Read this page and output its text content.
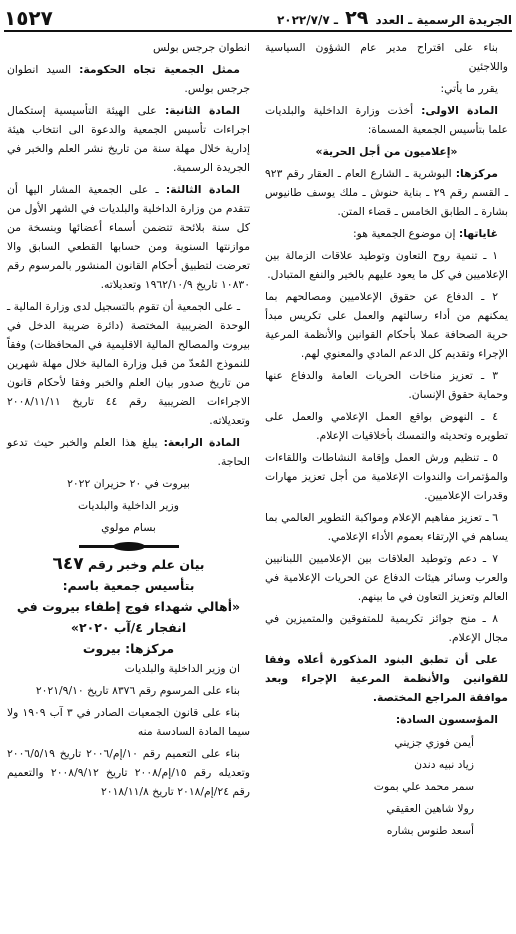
الجريدة الرسمية ـ العدد ٢٩ ـ ٢٠٢٢/٧/٧
١٥٢٧

بناء على اقتراح مدير عام الشؤون السياسية واللاجئين

يقرر ما يأتي:

المادة الاولى: أخذت وزارة الداخلية والبلديات علما بتأسيس الجمعية المسماة:

«إعلاميون من أجل الحرية»

مركزها: البوشرية ـ الشارع العام ـ العقار رقم ٩٢٣ ـ القسم رقم ٢٩ ـ بناية حنوش ـ ملك يوسف طانيوس بشارة ـ الطابق الخامس ـ قضاء المتن.

غاياتها: إن موضوع الجمعية هو:

١ ـ تنمية روح التعاون وتوطيد علاقات الزمالة بين الإعلاميين في كل ما يعود عليهم بالخير والنفع المتبادل.

٢ ـ الدفاع عن حقوق الإعلاميين ومصالحهم بما يمكنهم من أداء رسالتهم والعمل على تكريس مبدأ حرية الصحافة عملا بأحكام القوانين والأنظمة المرعية الإجراء وتقديم كل الدعم المادي والمعنوي لهم.

٣ ـ تعزيز مناخات الحريات العامة والدفاع عنها وحماية حقوق الإنسان.

٤ ـ النهوض بواقع العمل الإعلامي والعمل على تطويره وتحديثه والتمسك بأخلاقيات الإعلام.

٥ ـ تنظيم ورش العمل وإقامة النشاطات واللقاءات والمؤتمرات والندوات الإعلامية من أجل تعزيز مهارات وقدرات الإعلاميين.

٦ ـ تعزيز مفاهيم الإعلام ومواكبة التطوير العالمي بما يساهم في الإرتقاء بعموم الأداء الإعلامي.

٧ ـ دعم وتوطيد العلاقات بين الإعلاميين اللبنانيين والعرب وسائر هيئات الدفاع عن الحريات الإعلامية في العالم وتعزيز التعاون في ما بينهم.

٨ ـ منح جوائز تكريمية للمتفوقين والمتميزين في مجال الإعلام.

على أن تطبق البنود المذكورة أعلاه وفقا للقوانين والأنظمة المرعية الإجراء وبعد موافقة المراجع المختصة.

المؤسسون السادة:

أيمن فوزي جزيني
زياد نبيه دندن
سمر محمد علي بموت
رولا شاهين العقيقي
أسعد طنوس بشاره

انطوان جرجس بولس

ممثل الجمعية تجاه الحكومة: السيد انطوان جرجس بولس.

المادة الثانية: على الهيئة التأسيسية إستكمال اجراءات تأسيس الجمعية والدعوة الى انتخاب هيئة إدارية خلال مهلة سنة من تاريخ نشر العلم والخبر في الجريدة الرسمية.

المادة الثالثة: ـ على الجمعية المشار اليها أن تتقدم من وزارة الداخلية والبلديات في الشهر الأول من كل سنة بلائحة تتضمن أسماء أعضائها وبنسخة من موازنتها السنوية ومن حسابها القطعي السابق والا تعرضت لتطبيق أحكام القانون المنشور بالمرسوم رقم ١٠٨٣٠ تاريخ ١٩٦٢/١٠/٩ وتعديلاته.

ـ على الجمعية أن تقوم بالتسجيل لدى وزارة المالية ـ الوحدة الضريبية المختصة (دائرة ضريبة الدخل في بيروت والمصالح المالية الاقليمية في المحافظات) وفقاً للنموذج المُعدّ من قبل وزارة المالية خلال مهلة شهرين من تاريخ صدور بيان العلم والخبر وفقا لأحكام قانون الاجراءات الضريبية رقم ٤٤ تاريخ ٢٠٠٨/١١/١١ وتعديلاته.

المادة الرابعة: يبلغ هذا العلم والخبر حيث تدعو الحاجة.

بيروت في ٢٠ حزيران ٢٠٢٢

وزير الداخلية والبلديات

بسام مولوي

بيان علم وخبر رقم ٦٤٧
بتأسيس جمعية باسم:
«أهالي شهداء فوج إطفاء بيروت في انفجار ٤/آب ٢٠٢٠»
مركزها: بيروت

ان وزير الداخلية والبلديات

بناء على المرسوم رقم ٨٣٧٦ تاريخ ٢٠٢١/٩/١٠

بناء على قانون الجمعيات الصادر في ٣ آب ١٩٠٩ ولا سيما المادة السادسة منه

بناء على التعميم رقم ١٠/إم/٢٠٠٦ تاريخ ٢٠٠٦/٥/١٩ وتعديله رقم ١٥/إم/٢٠٠٨ تاريخ ٢٠٠٨/٩/١٢ والتعميم رقم ٢٤/إم/٢٠١٨ تاريخ ٢٠١٨/١١/٨
